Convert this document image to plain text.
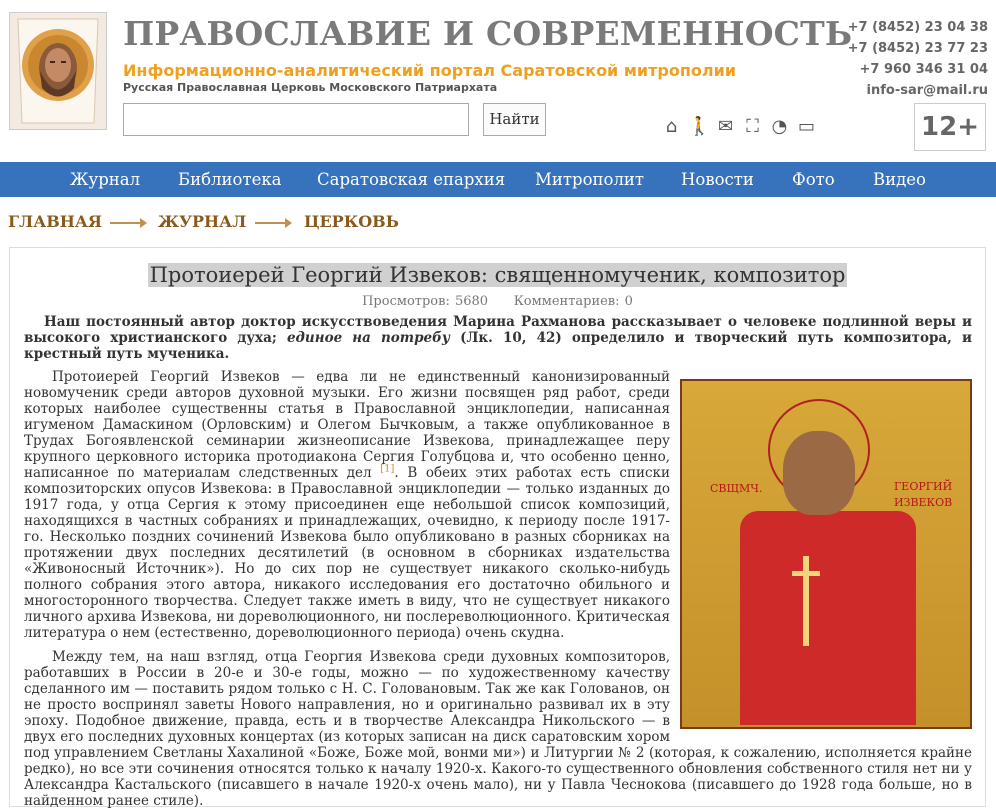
ПРАВОСЛАВИЕ И СОВРЕМЕННОСТЬ
Информационно-аналитический портал Саратовской митрополии
Русская Православная Церковь Московского Патриархата
Найти
+7 (8452) 23 04 38
+7 (8452) 23 77 23
+7 960 346 31 04
info-sar@mail.ru
⌂ 🚶 ✉ ⛶ ◔ ▭	12+
Журнал Библиотека Саратовская епархия Митрополит Новости Фото Видео
ГЛАВНАЯ	ЖУРНАЛ	ЦЕРКОВЬ
Протоиерей Георгий Извеков: священномученик, композитор
Просмотров: 5680 Комментариев: 0
Наш постоянный автор доктор искусствоведения Марина Рахманова рассказывает о человеке подлинной веры и высокого христианского духа; единое на потребу (Лк. 10, 42) определило и творческий путь композитора, и крестный путь мученика.
СВЩМЧ.	ГЕОРГИЙ ИЗВЕКОВ

Протоиерей Георгий Извеков — едва ли не единственный канонизированный новомученик среди авторов духовной музыки. Его жизни посвящен ряд работ, среди которых наиболее существенны статья в Православной энциклопедии, написанная игуменом Дамаскином (Орловским) и Олегом Бычковым, а также опубликованное в Трудах Богоявленской семинарии жизнеописание Извекова, принадлежащее перу крупного церковного историка протодиакона Сергия Голубцова и, что особенно ценно, написанное по материалам следственных дел [1]. В обеих этих работах есть списки композиторских опусов Извекова: в Православной энциклопедии — только изданных до 1917 года, у отца Сергия к этому присоединен еще небольшой список композиций, находящихся в частных собраниях и принадлежащих, очевидно, к периоду после 1917-го. Несколько поздних сочинений Извекова было опубликовано в разных сборниках на протяжении двух последних десятилетий (в основном в сборниках издательства «Живоносный Источник»). Но до сих пор не существует никакого сколько-нибудь полного собрания этого автора, никакого исследования его достаточно обильного и многосторонного творчества. Следует также иметь в виду, что не существует никакого личного архива Извекова, ни дореволюционного, ни послереволюционного. Критическая литература о нем (естественно, дореволюционного периода) очень скудна.

Между тем, на наш взгляд, отца Георгия Извекова среди духовных композиторов, работавших в России в 20-е и 30-е годы, можно — по художественному качеству сделанного им — поставить рядом только с Н. С. Головановым. Так же как Голованов, он не просто воспринял заветы Нового направления, но и оригинально развивал их в эту эпоху. Подобное движение, правда, есть и в творчестве Александра Никольского — в двух его последних духовных концертах (из которых записан на диск саратовским хором под управлением Светланы Хахалиной «Боже, Боже мой, вонми ми») и Литургии № 2 (которая, к сожалению, исполняется крайне редко), но все эти сочинения относятся только к началу 1920-х. Какого-то существенного обновления собственного стиля нет ни у Александра Кастальского (писавшего в начале 1920-х очень мало), ни у Павла Чеснокова (писавшего до 1928 года больше, но в найденном ранее стиле).
